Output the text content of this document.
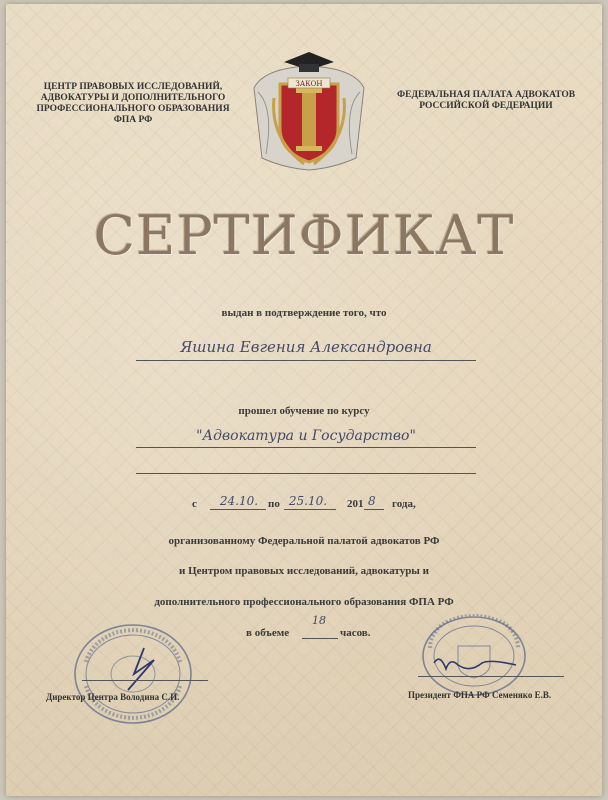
ЦЕНТР ПРАВОВЫХ ИССЛЕДОВАНИЙ, АДВОКАТУРЫ И ДОПОЛНИТЕЛЬНОГО ПРОФЕССИОНАЛЬНОГО ОБРАЗОВАНИЯ ФПА РФ
ФЕДЕРАЛЬНАЯ ПАЛАТА АДВОКАТОВ РОССИЙСКОЙ ФЕДЕРАЦИИ
ЗАКОН
СЕРТИФИКАТ
выдан в подтверждение того, что
Яшина Евгения Александровна
прошел обучение по курсу
"Адвокатура и Государство"
с	24.10. по 25.10.	201 8 года,
организованному Федеральной палатой адвокатов РФ
и Центром правовых исследований, адвокатуры и
дополнительного профессионального образования ФПА РФ
в объеме
18
часов.
Директор Центра Володина С.И.	Президент ФПА РФ Семеняко Е.В.
